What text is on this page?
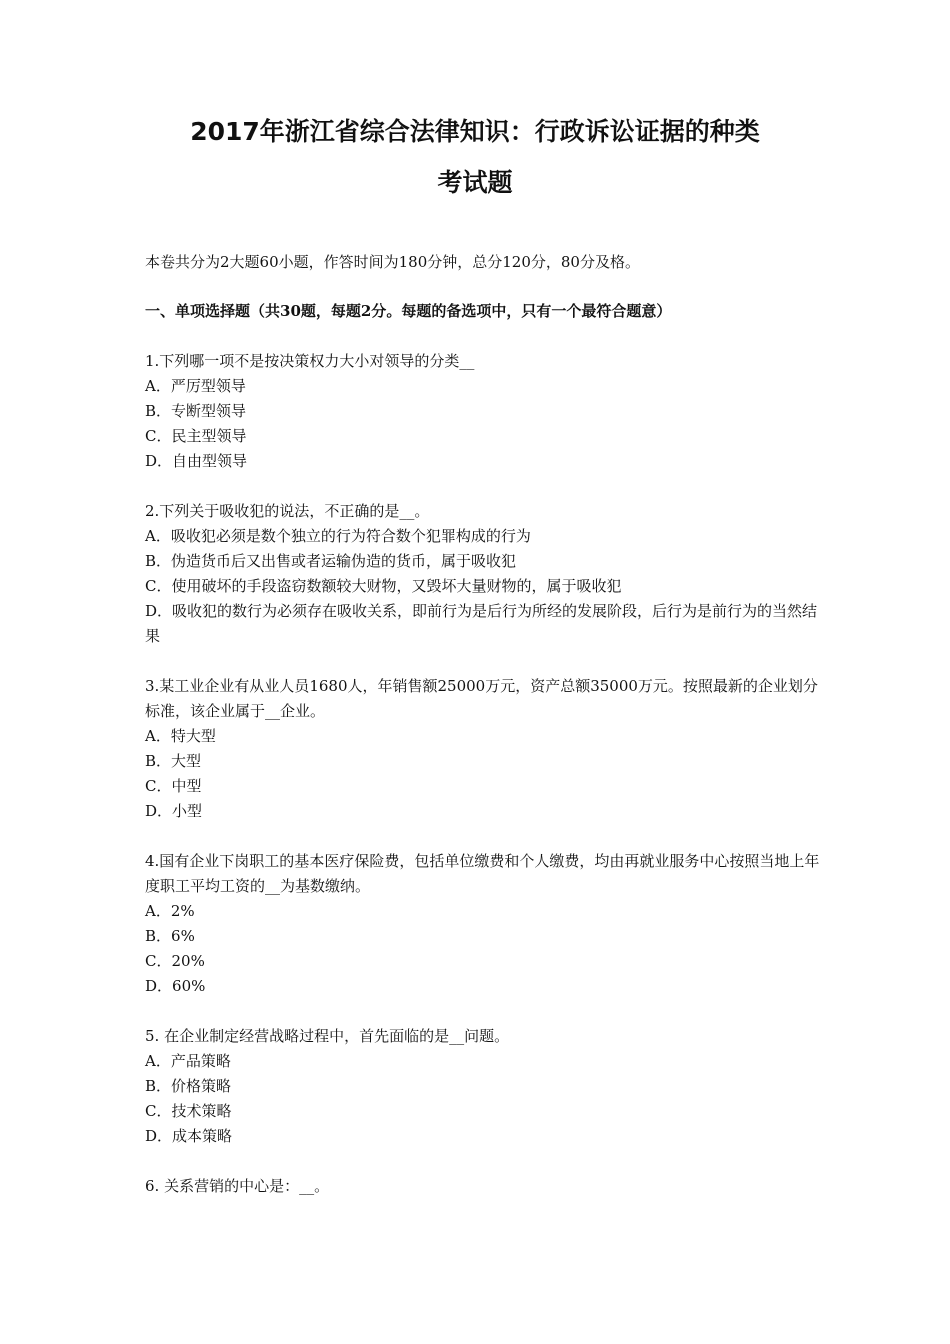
2017年浙江省综合法律知识：行政诉讼证据的种类
考试题

本卷共分为2大题60小题，作答时间为180分钟，总分120分，80分及格。

一、单项选择题（共30题，每题2分。每题的备选项中，只有一个最符合题意）

1.下列哪一项不是按决策权力大小对领导的分类__

A．严厉型领导

B．专断型领导

C．民主型领导

D．自由型领导

2.下列关于吸收犯的说法，不正确的是__。

A．吸收犯必须是数个独立的行为符合数个犯罪构成的行为

B．伪造货币后又出售或者运输伪造的货币，属于吸收犯

C．使用破坏的手段盗窃数额较大财物，又毁坏大量财物的，属于吸收犯

D．吸收犯的数行为必须存在吸收关系，即前行为是后行为所经的发展阶段，后行为是前行为的当然结果

3.某工业企业有从业人员1680人，年销售额25000万元，资产总额35000万元。按照最新的企业划分标准，该企业属于__企业。

A．特大型

B．大型

C．中型

D．小型

4.国有企业下岗职工的基本医疗保险费，包括单位缴费和个人缴费，均由再就业服务中心按照当地上年度职工平均工资的__为基数缴纳。

A．2%

B．6%

C．20%

D．60%

5. 在企业制定经营战略过程中，首先面临的是__问题。

A．产品策略

B．价格策略

C．技术策略

D．成本策略

6. 关系营销的中心是：__。
